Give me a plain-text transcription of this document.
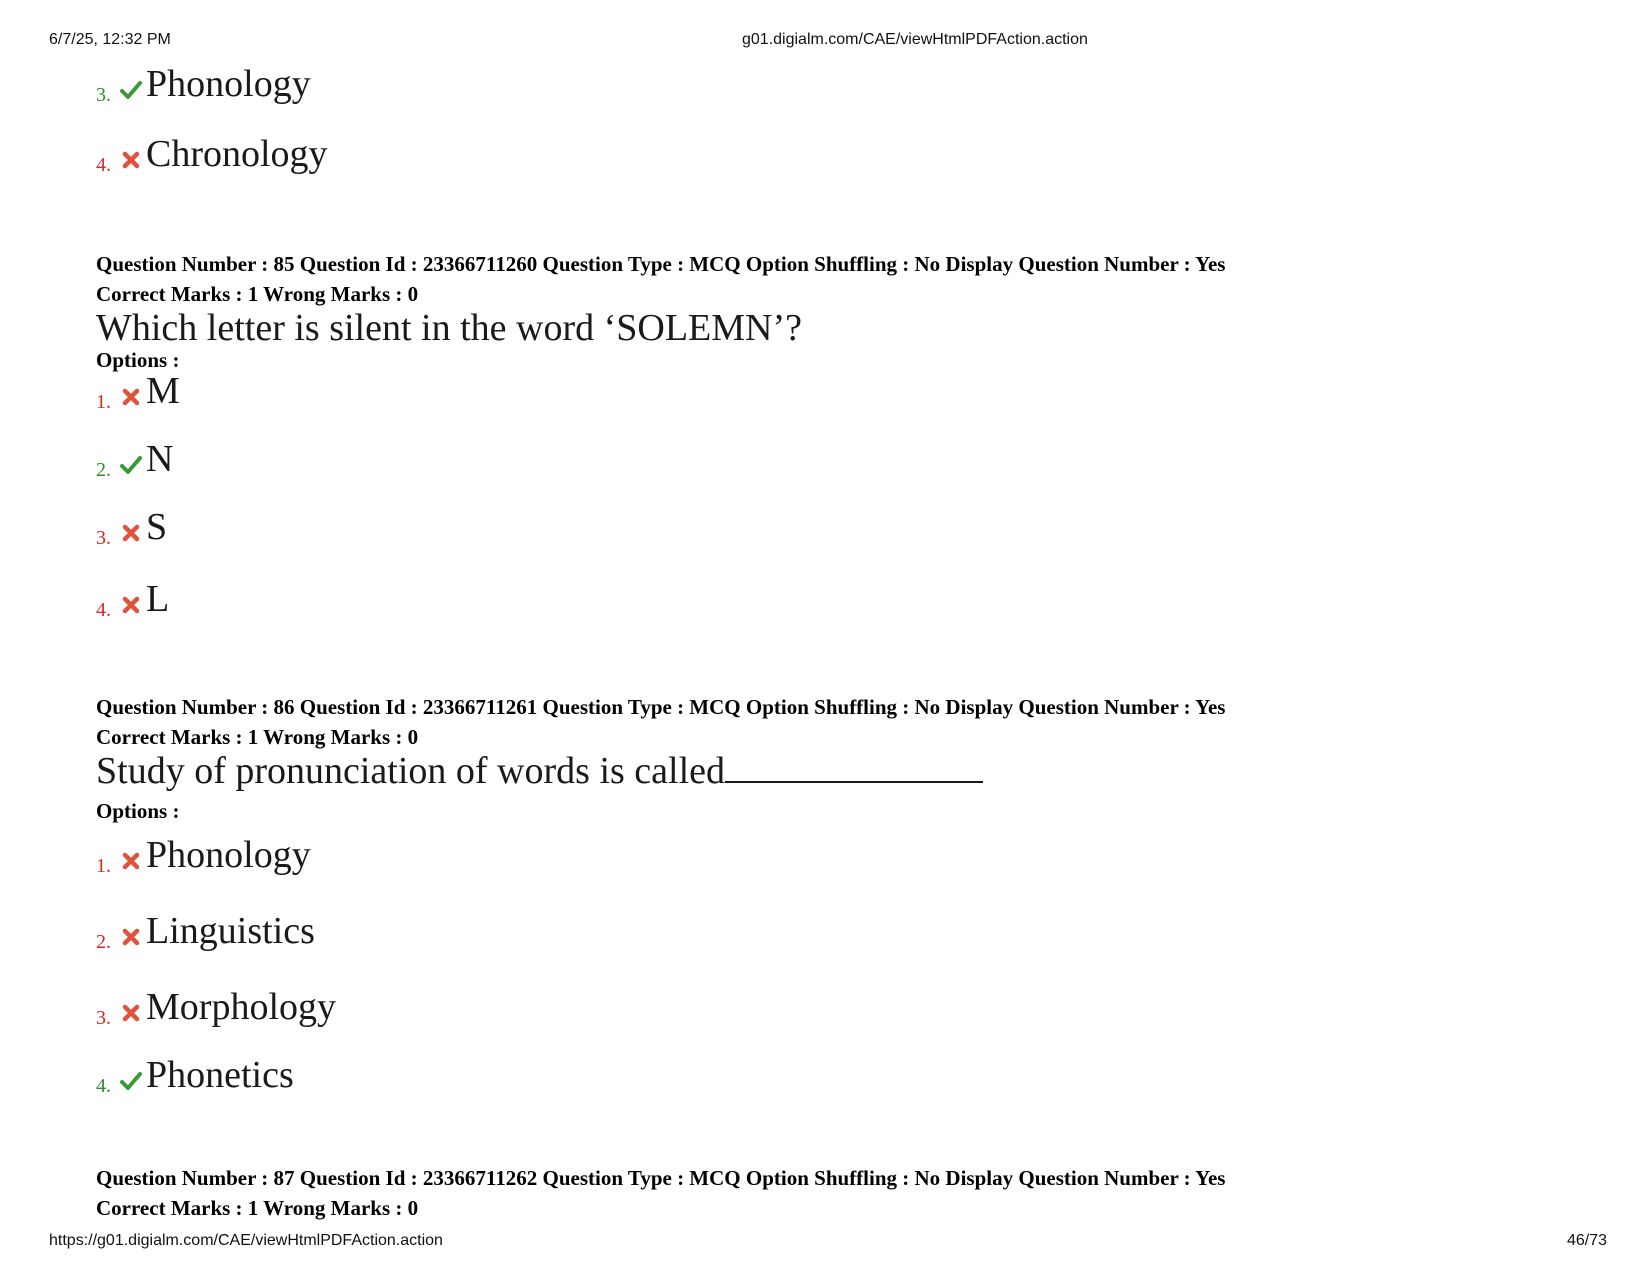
6/7/25, 12:32 PM	g01.digialm.com/CAE/viewHtmlPDFAction.action
3. Phonology
4. Chronology
Question Number : 85 Question Id : 23366711260 Question Type : MCQ Option Shuffling : No Display Question Number : Yes
Correct Marks : 1 Wrong Marks : 0
Which letter is silent in the word ‘SOLEMN’?
Options :
1. M
2. N
3. S
4. L
Question Number : 86 Question Id : 23366711261 Question Type : MCQ Option Shuffling : No Display Question Number : Yes
Correct Marks : 1 Wrong Marks : 0
Study of pronunciation of words is called
Options :
1. Phonology
2. Linguistics
3. Morphology
4. Phonetics
Question Number : 87 Question Id : 23366711262 Question Type : MCQ Option Shuffling : No Display Question Number : Yes
Correct Marks : 1 Wrong Marks : 0
https://g01.digialm.com/CAE/viewHtmlPDFAction.action	46/73
